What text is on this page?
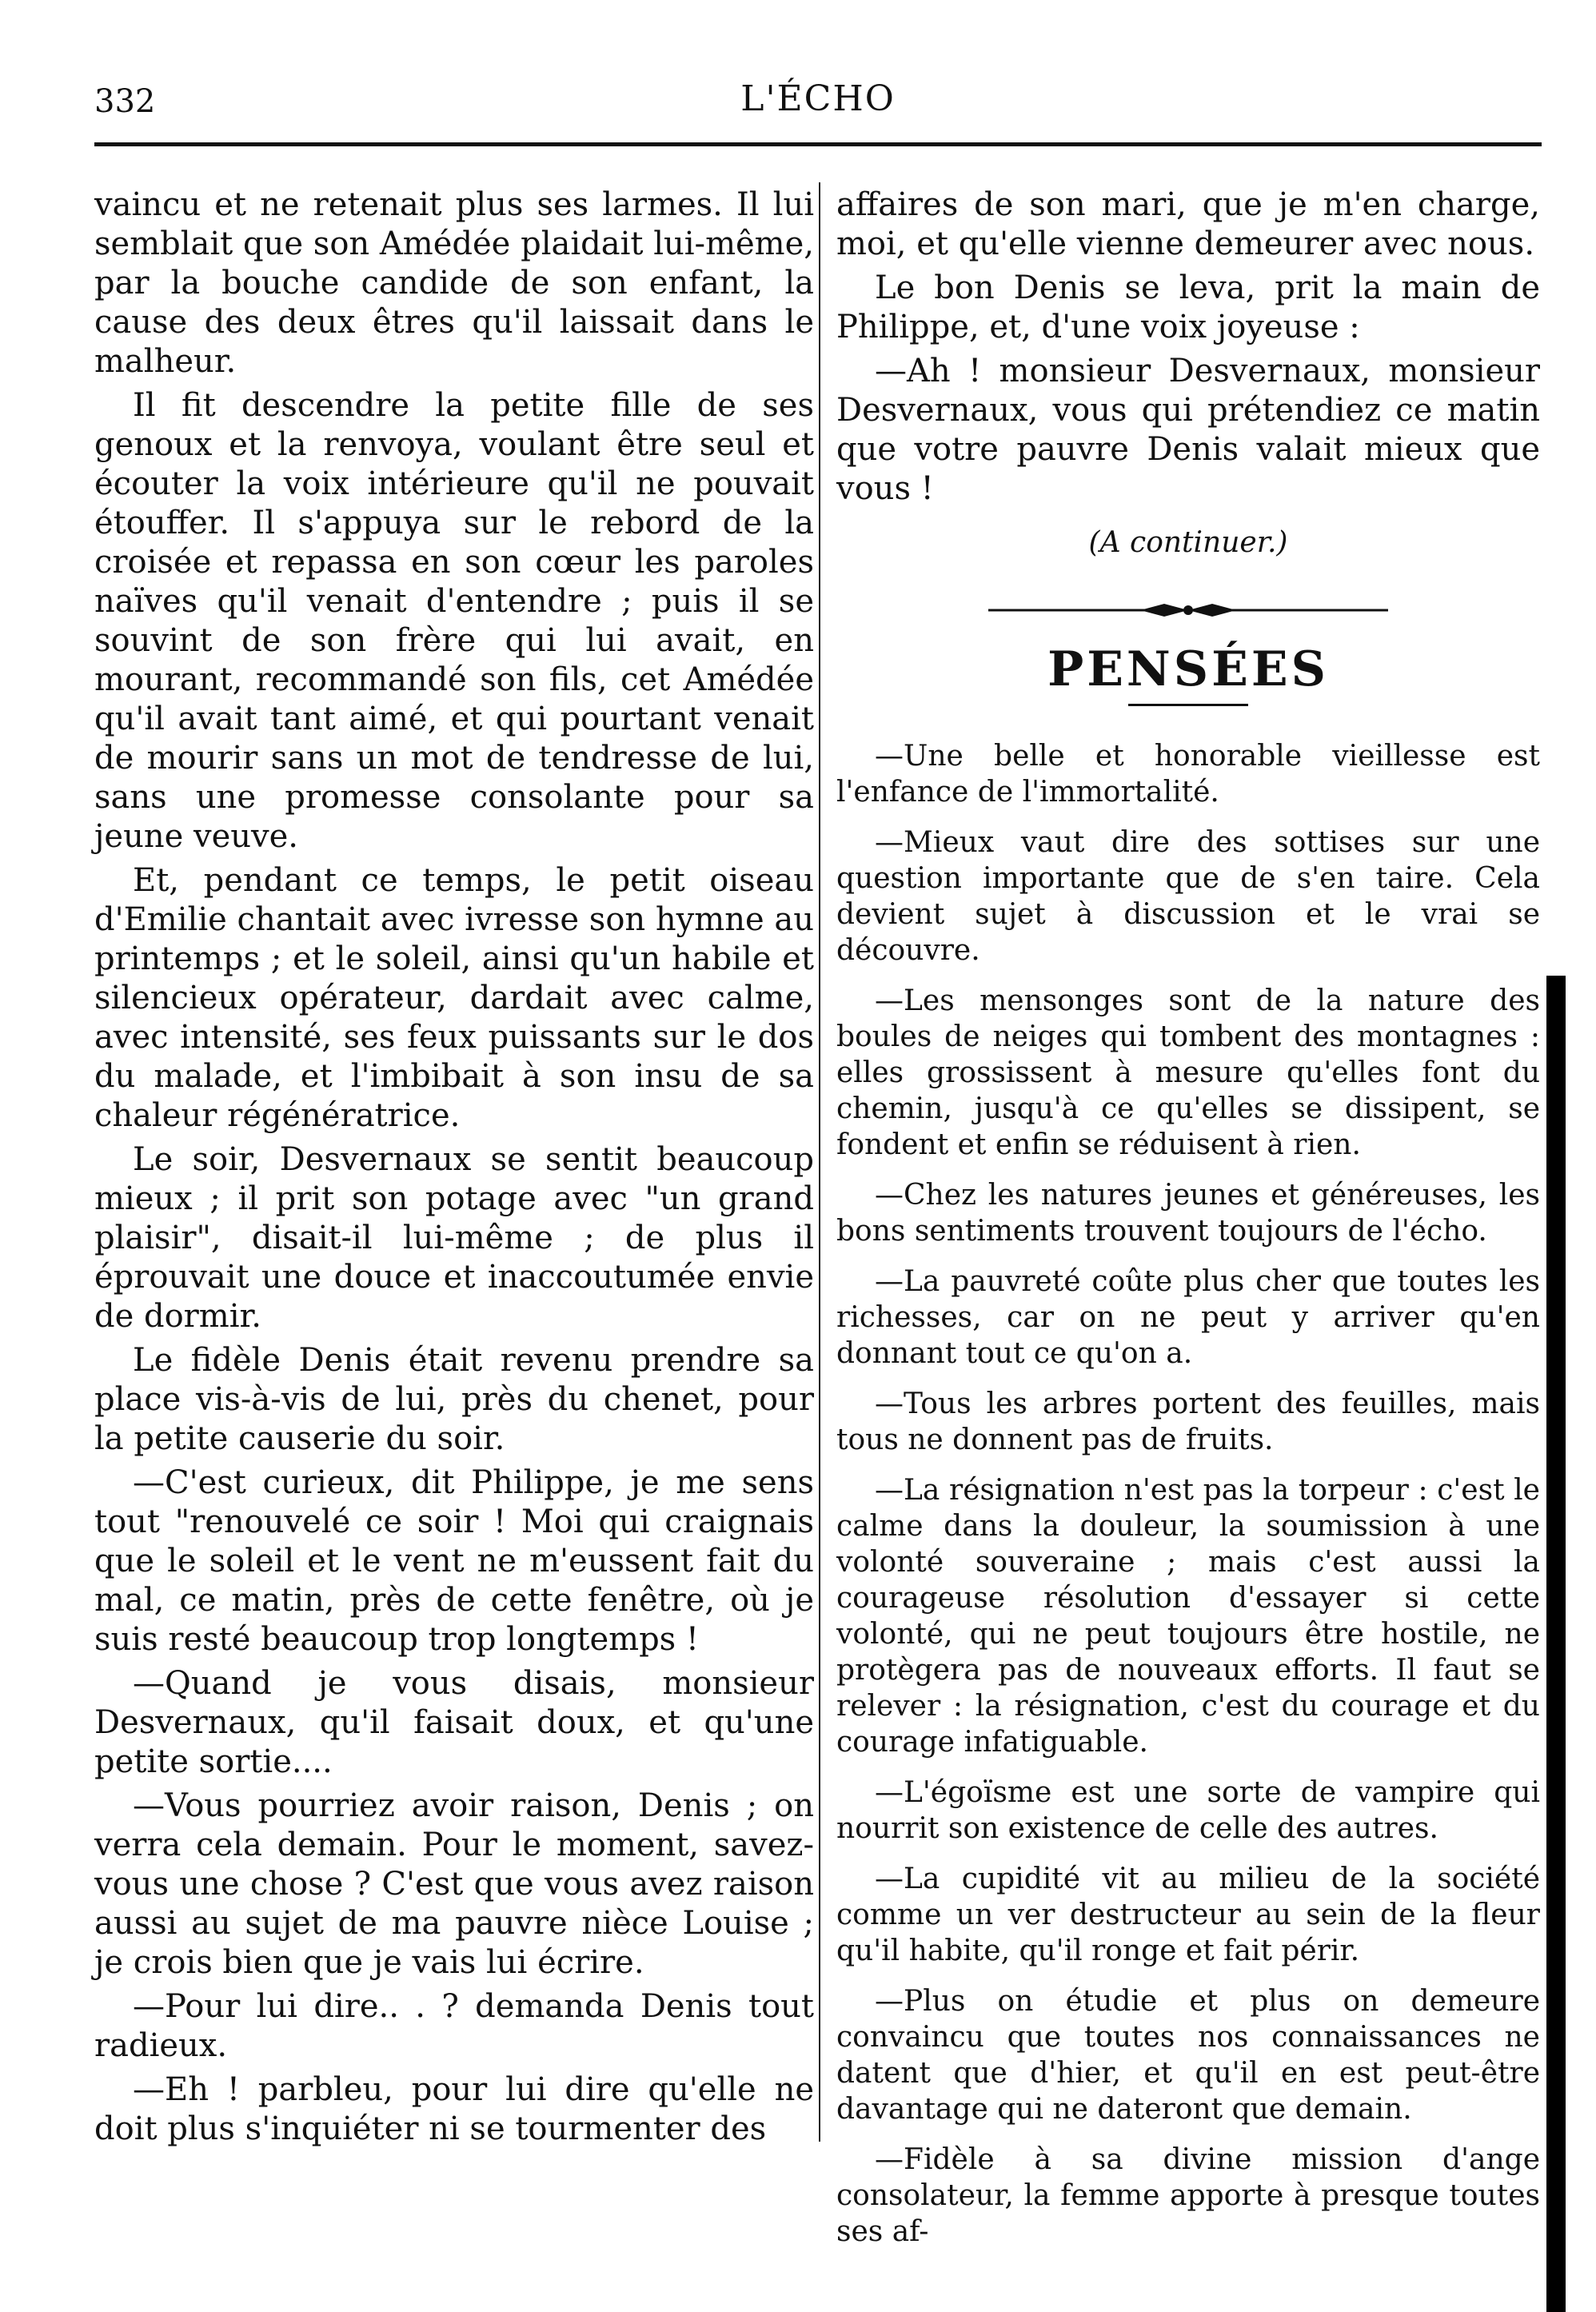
332	L'ÉCHO

vaincu et ne retenait plus ses larmes. Il lui semblait que son Amédée plaidait lui-même, par la bouche candide de son enfant, la cause des deux êtres qu'il laissait dans le malheur.

Il fit descendre la petite fille de ses genoux et la renvoya, voulant être seul et écouter la voix intérieure qu'il ne pouvait étouffer. Il s'appuya sur le rebord de la croisée et repassa en son cœur les paroles naïves qu'il venait d'entendre ; puis il se souvint de son frère qui lui avait, en mourant, recommandé son fils, cet Amédée qu'il avait tant aimé, et qui pourtant venait de mourir sans un mot de tendresse de lui, sans une promesse consolante pour sa jeune veuve.

Et, pendant ce temps, le petit oiseau d'Emilie chantait avec ivresse son hymne au printemps ; et le soleil, ainsi qu'un habile et silencieux opérateur, dardait avec calme, avec intensité, ses feux puissants sur le dos du malade, et l'imbibait à son insu de sa chaleur régénératrice.

Le soir, Desvernaux se sentit beaucoup mieux ; il prit son potage avec "un grand plaisir", disait-il lui-même ; de plus il éprouvait une douce et inaccoutumée envie de dormir.

Le fidèle Denis était revenu prendre sa place vis-à-vis de lui, près du chenet, pour la petite causerie du soir.

—C'est curieux, dit Philippe, je me sens tout "renouvelé ce soir ! Moi qui craignais que le soleil et le vent ne m'eussent fait du mal, ce matin, près de cette fenêtre, où je suis resté beaucoup trop longtemps !

—Quand je vous disais, monsieur Desvernaux, qu'il faisait doux, et qu'une petite sortie....

—Vous pourriez avoir raison, Denis ; on verra cela demain. Pour le moment, savez-vous une chose ? C'est que vous avez raison aussi au sujet de ma pauvre nièce Louise ; je crois bien que je vais lui écrire.

—Pour lui dire.. . ? demanda Denis tout radieux.

—Eh ! parbleu, pour lui dire qu'elle ne doit plus s'inquiéter ni se tourmenter des

affaires de son mari, que je m'en charge, moi, et qu'elle vienne demeurer avec nous.

Le bon Denis se leva, prit la main de Philippe, et, d'une voix joyeuse :

—Ah ! monsieur Desvernaux, monsieur Desvernaux, vous qui prétendiez ce matin que votre pauvre Denis valait mieux que vous !

(A continuer.)

PENSÉES

—Une belle et honorable vieillesse est l'enfance de l'immortalité.

—Mieux vaut dire des sottises sur une question importante que de s'en taire. Cela devient sujet à discussion et le vrai se découvre.

—Les mensonges sont de la nature des boules de neiges qui tombent des montagnes : elles grossissent à mesure qu'elles font du chemin, jusqu'à ce qu'elles se dissipent, se fondent et enfin se réduisent à rien.

—Chez les natures jeunes et généreuses, les bons sentiments trouvent toujours de l'écho.

—La pauvreté coûte plus cher que toutes les richesses, car on ne peut y arriver qu'en donnant tout ce qu'on a.

—Tous les arbres portent des feuilles, mais tous ne donnent pas de fruits.

—La résignation n'est pas la torpeur : c'est le calme dans la douleur, la soumission à une volonté souveraine ; mais c'est aussi la courageuse résolution d'essayer si cette volonté, qui ne peut toujours être hostile, ne protègera pas de nouveaux efforts. Il faut se relever : la résignation, c'est du courage et du courage infatiguable.

—L'égoïsme est une sorte de vampire qui nourrit son existence de celle des autres.

—La cupidité vit au milieu de la société comme un ver destructeur au sein de la fleur qu'il habite, qu'il ronge et fait périr.

—Plus on étudie et plus on demeure convaincu que toutes nos connaissances ne datent que d'hier, et qu'il en est peut-être davantage qui ne dateront que demain.

—Fidèle à sa divine mission d'ange consolateur, la femme apporte à presque toutes ses af-
